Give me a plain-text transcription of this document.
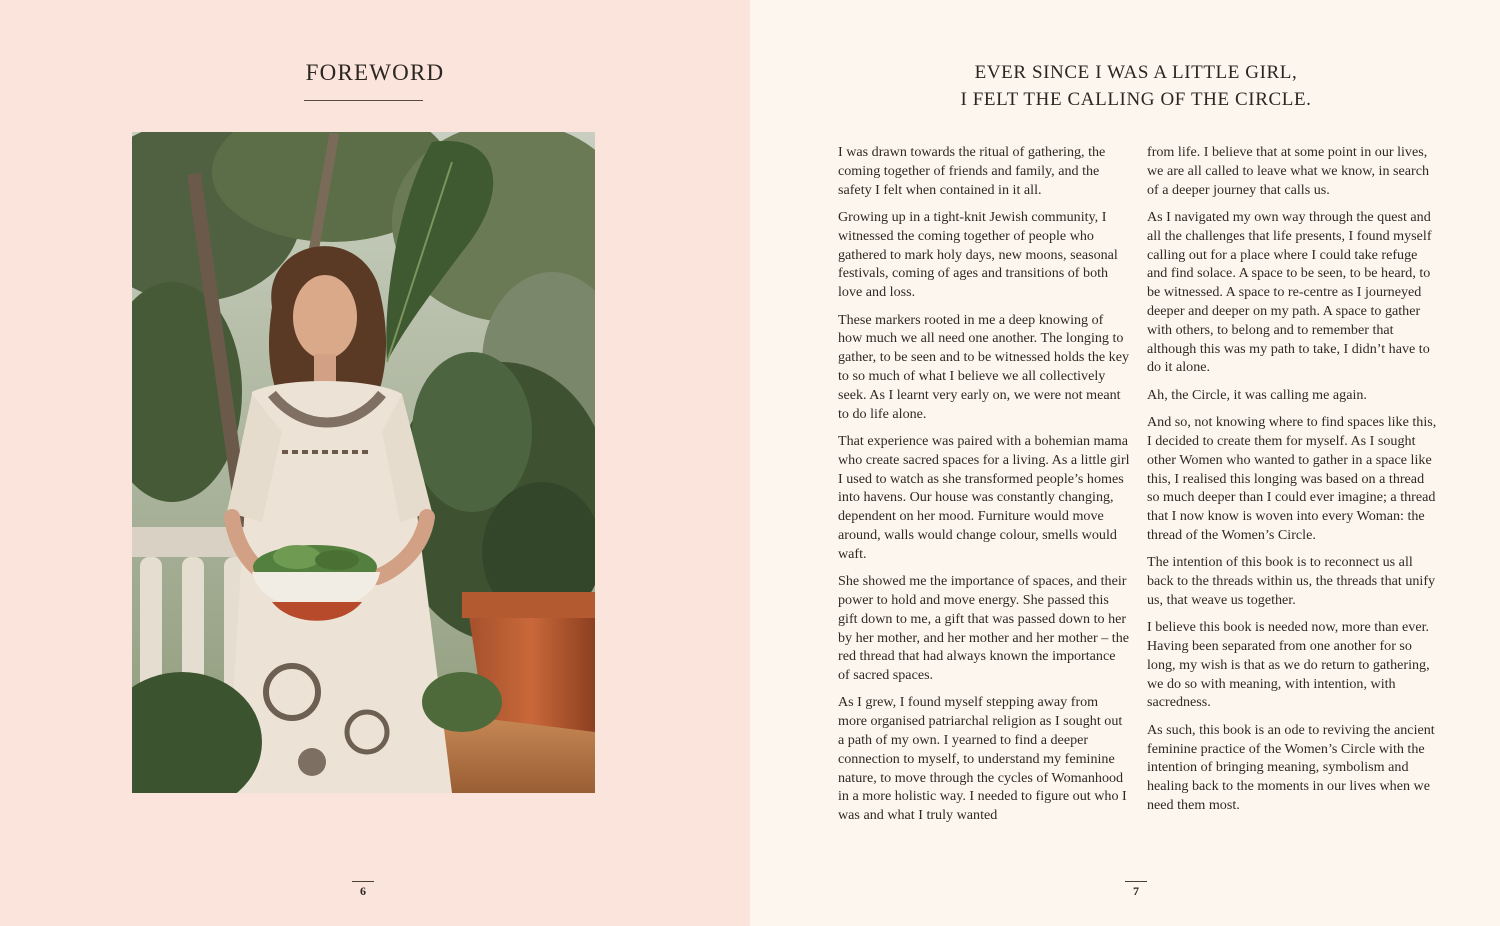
FOREWORD
6
EVER SINCE I WAS A LITTLE GIRL,
I FELT THE CALLING OF THE CIRCLE.

I was drawn towards the ritual of gathering, the coming together of friends and family, and the safety I felt when contained in it all.

Growing up in a tight-knit Jewish community, I witnessed the coming together of people who gathered to mark holy days, new moons, seasonal festivals, coming of ages and transitions of both love and loss.

These markers rooted in me a deep knowing of how much we all need one another. The longing to gather, to be seen and to be witnessed holds the key to so much of what I believe we all collectively seek. As I learnt very early on, we were not meant to do life alone.

That experience was paired with a bohemian mama who create sacred spaces for a living. As a little girl I used to watch as she transformed people’s homes into havens. Our house was constantly changing, dependent on her mood. Furniture would move around, walls would change colour, smells would waft.

She showed me the importance of spaces, and their power to hold and move energy. She passed this gift down to me, a gift that was passed down to her by her mother, and her mother and her mother – the red thread that had always known the importance of sacred spaces.

As I grew, I found myself stepping away from more organised patriarchal religion as I sought out a path of my own. I yearned to find a deeper connection to myself, to understand my feminine nature, to move through the cycles of Womanhood in a more holistic way. I needed to figure out who I was and what I truly wanted

from life. I believe that at some point in our lives, we are all called to leave what we know, in search of a deeper journey that calls us.

As I navigated my own way through the quest and all the challenges that life presents, I found myself calling out for a place where I could take refuge and find solace. A space to be seen, to be heard, to be witnessed. A space to re-centre as I journeyed deeper and deeper on my path. A space to gather with others, to belong and to remember that although this was my path to take, I didn’t have to do it alone.

Ah, the Circle, it was calling me again.

And so, not knowing where to find spaces like this, I decided to create them for myself. As I sought other Women who wanted to gather in a space like this, I realised this longing was based on a thread so much deeper than I could ever imagine; a thread that I now know is woven into every Woman: the thread of the Women’s Circle.

The intention of this book is to reconnect us all back to the threads within us, the threads that unify us, that weave us together.

I believe this book is needed now, more than ever. Having been separated from one another for so long, my wish is that as we do return to gathering, we do so with meaning, with intention, with sacredness.

As such, this book is an ode to reviving the ancient feminine practice of the Women’s Circle with the intention of bringing meaning, symbolism and healing back to the moments in our lives when we need them most.

7
